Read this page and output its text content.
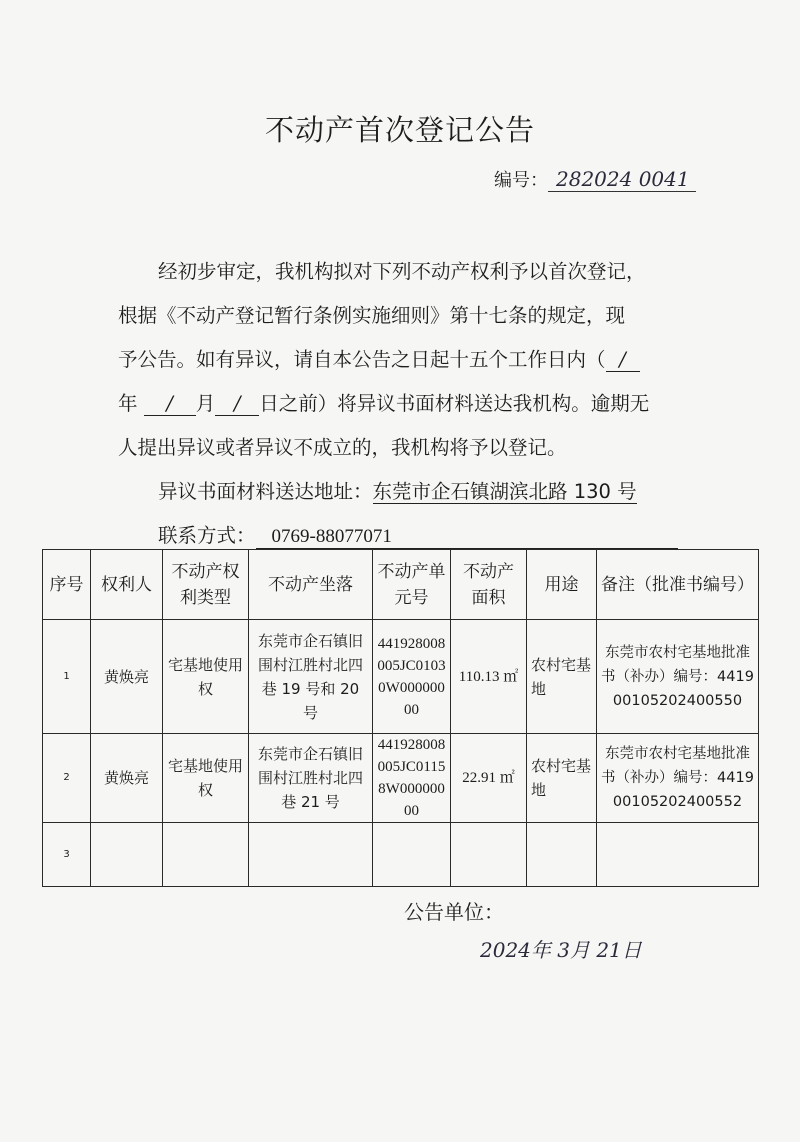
不动产首次登记公告
编号： 282024 0041
经初步审定，我机构拟对下列不动产权利予以首次登记，
根据《不动产登记暂行条例实施细则》第十七条的规定，现
予公告。如有异议，请自本公告之日起十五个工作日内（ /
年 / 月 / 日之前）将异议书面材料送达我机构。逾期无
人提出异议或者异议不成立的，我机构将予以登记。
异议书面材料送达地址：东莞市企石镇湖滨北路 130 号
联系方式： 0769-88077071
序号	权利人	不动产权利类型	不动产坐落	不动产单元号	不动产面积	用途	备注（批准书编号）
1	黄焕亮	宅基地使用权	东莞市企石镇旧围村江胜村北四巷 19 号和 20 号	441928008005JC01030W00000000	110.13 ㎡	农村宅基地	东莞市农村宅基地批准书（补办）编号：441900105202400550
2	黄焕亮	宅基地使用权	东莞市企石镇旧围村江胜村北四巷 21 号	441928008005JC01158W00000000	22.91 ㎡	农村宅基地	东莞市农村宅基地批准书（补办）编号：441900105202400552
3							
公告单位：
2024年 3月 21日
